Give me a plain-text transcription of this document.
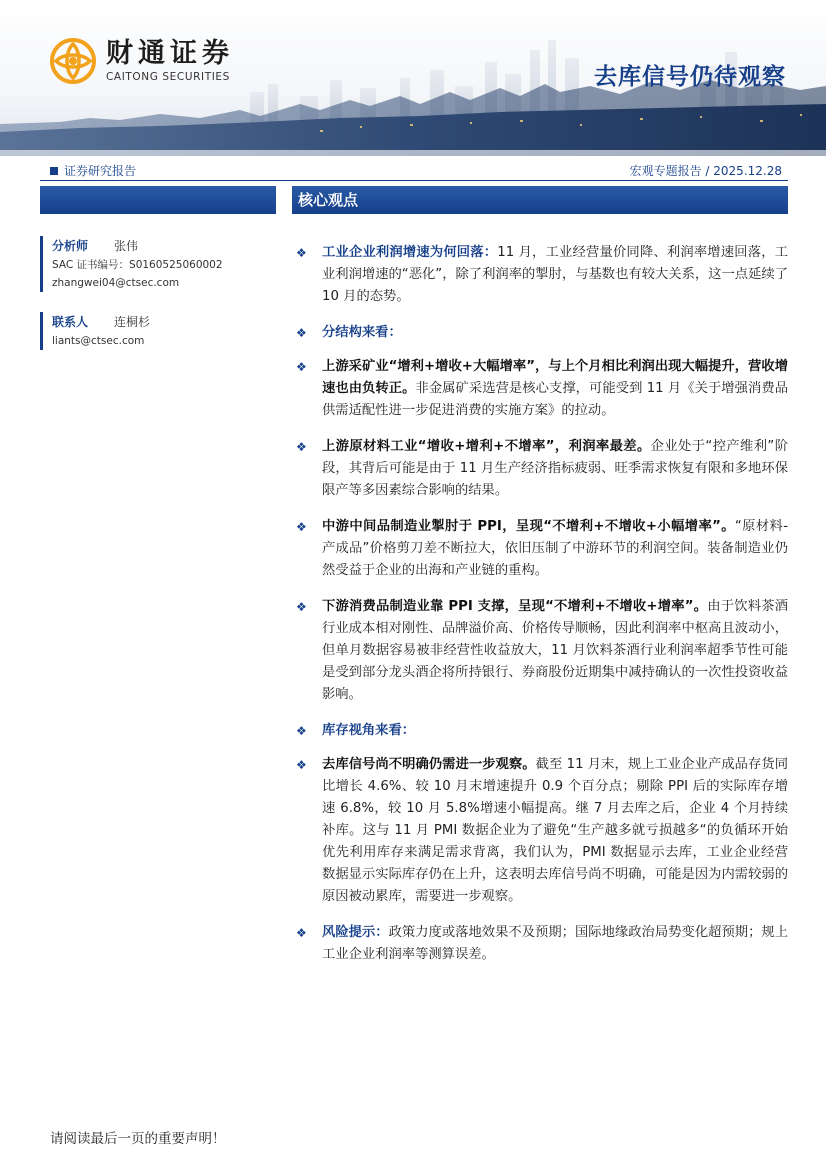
财通证券
CAITONG SECURITIES	去库信号仍待观察
证券研究报告	宏观专题报告 / 2025.12.28
分析师	张伟
SAC 证书编号：S0160525060002
zhangwei04@ctsec.com
联系人	连桐杉
liants@ctsec.com
核心观点
❖ 工业企业利润增速为何回落：11 月，工业经营量价同降、利润率增速回落，工业利润增速的“恶化”，除了利润率的掣肘，与基数也有较大关系，这一点延续了 10 月的态势。
❖ 分结构来看：
❖ 上游采矿业“增利+增收+大幅增率”，与上个月相比利润出现大幅提升，营收增速也由负转正。非金属矿采选营是核心支撑，可能受到 11 月《关于增强消费品供需适配性进一步促进消费的实施方案》的拉动。
❖ 上游原材料工业“增收+增利+不增率”，利润率最差。企业处于“控产维利”阶段，其背后可能是由于 11 月生产经济指标疲弱、旺季需求恢复有限和多地环保限产等多因素综合影响的结果。
❖ 中游中间品制造业掣肘于 PPI，呈现“不增利+不增收+小幅增率”。“原材料-产成品”价格剪刀差不断拉大，依旧压制了中游环节的利润空间。装备制造业仍然受益于企业的出海和产业链的重构。
❖ 下游消费品制造业靠 PPI 支撑，呈现“不增利+不增收+增率”。由于饮料茶酒行业成本相对刚性、品牌溢价高、价格传导顺畅，因此利润率中枢高且波动小，但单月数据容易被非经营性收益放大，11 月饮料茶酒行业利润率超季节性可能是受到部分龙头酒企将所持银行、券商股份近期集中减持确认的一次性投资收益影响。
❖ 库存视角来看：
❖ 去库信号尚不明确仍需进一步观察。截至 11 月末，规上工业企业产成品存货同比增长 4.6%、较 10 月末增速提升 0.9 个百分点；剔除 PPI 后的实际库存增速 6.8%，较 10 月 5.8%增速小幅提高。继 7 月去库之后，企业 4 个月持续补库。这与 11 月 PMI 数据企业为了避免“生产越多就亏损越多“的负循环开始优先利用库存来满足需求背离，我们认为，PMI 数据显示去库，工业企业经营数据显示实际库存仍在上升，这表明去库信号尚不明确，可能是因为内需较弱的原因被动累库，需要进一步观察。
❖ 风险提示：政策力度或落地效果不及预期；国际地缘政治局势变化超预期；规上工业企业利润率等测算误差。
请阅读最后一页的重要声明！
